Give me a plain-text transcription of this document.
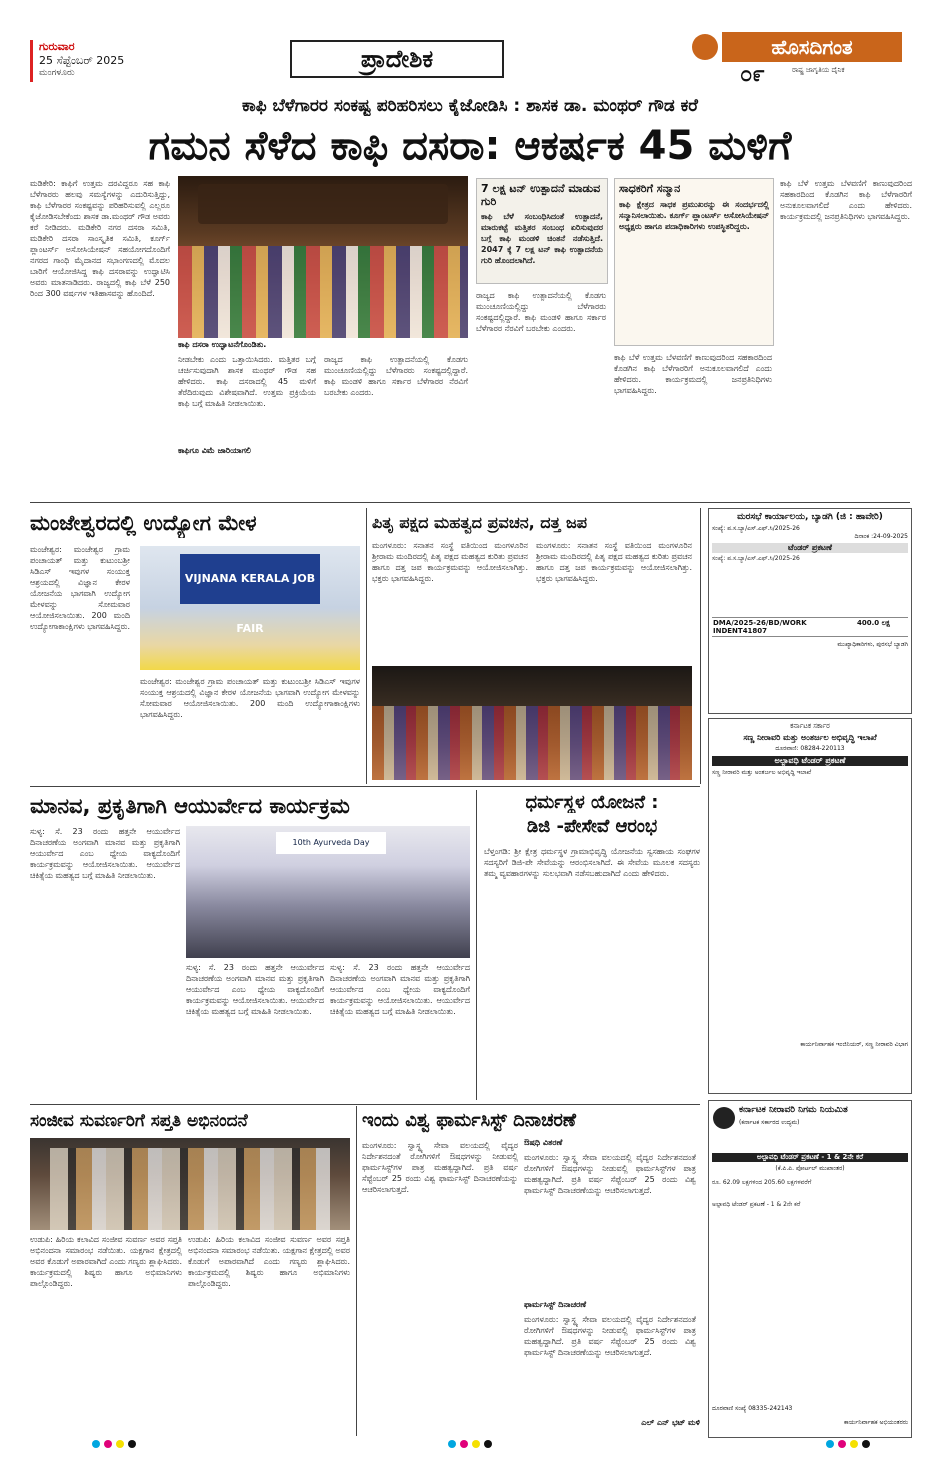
ಗುರುವಾರ
25 ಸೆಪ್ಟೆಂಬರ್ 2025
ಮಂಗಳೂರು	ಪ್ರಾದೇಶಿಕ	ಹೊಸದಿಗಂತ
೦೯	ರಾಷ್ಟ್ರ ಜಾಗೃತಿಯ ದೈನಿಕ
ಕಾಫಿ ಬೆಳೆಗಾರರ ಸಂಕಷ್ಟ ಪರಿಹರಿಸಲು ಕೈಜೋಡಿಸಿ : ಶಾಸಕ ಡಾ. ಮಂಥರ್ ಗೌಡ ಕರೆ
ಗಮನ ಸೆಳೆದ ಕಾಫಿ ದಸರಾ: ಆಕರ್ಷಕ 45 ಮಳಿಗೆ
ಮಡಿಕೇರಿ: ಕಾಫಿಗೆ ಉತ್ತಮ ದರವಿದ್ದರೂ ಸಹ ಕಾಫಿ ಬೆಳೆಗಾರರು ಹಲವು ಸಮಸ್ಯೆಗಳನ್ನು ಎದುರಿಸುತ್ತಿದ್ದು, ಕಾಫಿ ಬೆಳೆಗಾರರ ಸಂಕಷ್ಟವನ್ನು ಪರಿಹರಿಸುವಲ್ಲಿ ಎಲ್ಲರೂ ಕೈಜೋಡಿಸಬೇಕೆಂದು ಶಾಸಕ ಡಾ.ಮಂಥರ್ ಗೌಡ ಅವರು ಕರೆ ನೀಡಿದರು. ಮಡಿಕೇರಿ ನಗರ ದಸರಾ ಸಮಿತಿ, ಮಡಿಕೇರಿ ದಸರಾ ಸಾಂಸ್ಕೃತಿಕ ಸಮಿತಿ, ಕೂರ್ಗ್ ಪ್ಲಾಂಟರ್ಸ್ ಅಸೋಸಿಯೇಷನ್ ಸಹಯೋಗದೊಂದಿಗೆ ನಗರದ ಗಾಂಧಿ ಮೈದಾನದ ಸಭಾಂಗಣದಲ್ಲಿ ಮೊದಲ ಬಾರಿಗೆ ಆಯೋಜಿಸಿದ್ದ ಕಾಫಿ ದಸರಾವನ್ನು ಉದ್ಘಾಟಿಸಿ ಅವರು ಮಾತನಾಡಿದರು. ರಾಜ್ಯದಲ್ಲಿ ಕಾಫಿ ಬೆಳೆ 250 ರಿಂದ 300 ವರ್ಷಗಳ ಇತಿಹಾಸವನ್ನು ಹೊಂದಿದೆ.
ಕಾಫಿ ದಸರಾ ಉದ್ಘಾಟನೆಗೊಂಡಿತು.
ನೀಡಬೇಕು ಎಂದು ಒತ್ತಾಯಿಸಿದರು. ಮತ್ತಿತರ ಬಗ್ಗೆ ಚರ್ಚಿಸುವುದಾಗಿ ಶಾಸಕ ಮಂಥರ್ ಗೌಡ ಸಹ ಹೇಳಿದರು. ಕಾಫಿ ದಸರಾದಲ್ಲಿ 45 ಮಳಿಗೆ ತೆರೆದಿರುವುದು ವಿಶೇಷವಾಗಿದೆ. ಉತ್ತಮ ಪ್ರಕ್ರಿಯೆಯ ಕಾಫಿ ಬಗ್ಗೆ ಮಾಹಿತಿ ನೀಡಲಾಯಿತು.
ಕಾಫಿಗೂ ವಿಮೆ ಜಾರಿಯಾಗಲಿ
ರಾಜ್ಯದ ಕಾಫಿ ಉತ್ಪಾದನೆಯಲ್ಲಿ ಕೊಡಗು ಮುಂಚೂಣಿಯಲ್ಲಿದ್ದು ಬೆಳೆಗಾರರು ಸಂಕಷ್ಟದಲ್ಲಿದ್ದಾರೆ. ಕಾಫಿ ಮಂಡಳಿ ಹಾಗೂ ಸರ್ಕಾರ ಬೆಳೆಗಾರರ ನೆರವಿಗೆ ಬರಬೇಕು ಎಂದರು.
7 ಲಕ್ಷ ಟನ್ ಉತ್ಪಾದನೆ ಮಾಡುವ ಗುರಿ
ಕಾಫಿ ಬೆಳೆ ಸಂಬಂಧಿಸಿದಂತೆ ಉತ್ಪಾದನೆ, ಮಾರುಕಟ್ಟೆ ಮತ್ತಿತರ ಸಂಬಂಧ ಏರಿಸುವುದರ ಬಗ್ಗೆ ಕಾಫಿ ಮಂಡಳಿ ಚಿಂತನೆ ನಡೆಸುತ್ತಿದೆ. 2047 ಕ್ಕೆ 7 ಲಕ್ಷ ಟನ್ ಕಾಫಿ ಉತ್ಪಾದನೆಯ ಗುರಿ ಹೊಂದಲಾಗಿದೆ.
ರಾಜ್ಯದ ಕಾಫಿ ಉತ್ಪಾದನೆಯಲ್ಲಿ ಕೊಡಗು ಮುಂಚೂಣಿಯಲ್ಲಿದ್ದು ಬೆಳೆಗಾರರು ಸಂಕಷ್ಟದಲ್ಲಿದ್ದಾರೆ. ಕಾಫಿ ಮಂಡಳಿ ಹಾಗೂ ಸರ್ಕಾರ ಬೆಳೆಗಾರರ ನೆರವಿಗೆ ಬರಬೇಕು ಎಂದರು.
ಸಾಧಕರಿಗೆ ಸನ್ಮಾನ
ಕಾಫಿ ಕ್ಷೇತ್ರದ ಸಾಧಕ ಪ್ರಮುಖರನ್ನು ಈ ಸಂದರ್ಭದಲ್ಲಿ ಸನ್ಮಾನಿಸಲಾಯಿತು. ಕೂರ್ಗ್ ಪ್ಲಾಂಟರ್ಸ್ ಅಸೋಸಿಯೇಷನ್ ಅಧ್ಯಕ್ಷರು ಹಾಗೂ ಪದಾಧಿಕಾರಿಗಳು ಉಪಸ್ಥಿತರಿದ್ದರು.
ಕಾಫಿ ಬೆಳೆ ಉತ್ತಮ ಬೆಳವಣಿಗೆ ಕಾಣುವುದರಿಂದ ಸಹಕಾರದಿಂದ ಕೊಡಗಿನ ಕಾಫಿ ಬೆಳೆಗಾರರಿಗೆ ಅನುಕೂಲವಾಗಲಿದೆ ಎಂದು ಹೇಳಿದರು. ಕಾರ್ಯಕ್ರಮದಲ್ಲಿ ಜನಪ್ರತಿನಿಧಿಗಳು ಭಾಗವಹಿಸಿದ್ದರು.
ಕಾಫಿ ಬೆಳೆ ಉತ್ತಮ ಬೆಳವಣಿಗೆ ಕಾಣುವುದರಿಂದ ಸಹಕಾರದಿಂದ ಕೊಡಗಿನ ಕಾಫಿ ಬೆಳೆಗಾರರಿಗೆ ಅನುಕೂಲವಾಗಲಿದೆ ಎಂದು ಹೇಳಿದರು. ಕಾರ್ಯಕ್ರಮದಲ್ಲಿ ಜನಪ್ರತಿನಿಧಿಗಳು ಭಾಗವಹಿಸಿದ್ದರು.
ಮಂಜೇಶ್ವರದಲ್ಲಿ ಉದ್ಯೋಗ ಮೇಳ
ಮಂಜೇಶ್ವರ: ಮಂಜೇಶ್ವರ ಗ್ರಾಮ ಪಂಚಾಯತ್ ಮತ್ತು ಕುಟುಂಬಶ್ರೀ ಸಿಡಿಎಸ್ ಇವುಗಳ ಸಂಯುಕ್ತ ಆಶ್ರಯದಲ್ಲಿ ವಿಜ್ಞಾನ ಕೇರಳ ಯೋಜನೆಯ ಭಾಗವಾಗಿ ಉದ್ಯೋಗ ಮೇಳವನ್ನು ಸೋಮವಾರ ಆಯೋಜಿಸಲಾಯಿತು. 200 ಮಂದಿ ಉದ್ಯೋಗಾಕಾಂಕ್ಷಿಗಳು ಭಾಗವಹಿಸಿದ್ದರು.
VIJNANA KERALA JOB FAIR
ಮಂಜೇಶ್ವರ: ಮಂಜೇಶ್ವರ ಗ್ರಾಮ ಪಂಚಾಯತ್ ಮತ್ತು ಕುಟುಂಬಶ್ರೀ ಸಿಡಿಎಸ್ ಇವುಗಳ ಸಂಯುಕ್ತ ಆಶ್ರಯದಲ್ಲಿ ವಿಜ್ಞಾನ ಕೇರಳ ಯೋಜನೆಯ ಭಾಗವಾಗಿ ಉದ್ಯೋಗ ಮೇಳವನ್ನು ಸೋಮವಾರ ಆಯೋಜಿಸಲಾಯಿತು. 200 ಮಂದಿ ಉದ್ಯೋಗಾಕಾಂಕ್ಷಿಗಳು ಭಾಗವಹಿಸಿದ್ದರು.
ಪಿತೃ ಪಕ್ಷದ ಮಹತ್ವದ ಪ್ರವಚನ, ದತ್ತ ಜಪ
ಮಂಗಳೂರು: ಸನಾತನ ಸಂಸ್ಥೆ ವತಿಯಿಂದ ಮಂಗಳೂರಿನ ಶ್ರೀರಾಮ ಮಂದಿರದಲ್ಲಿ ಪಿತೃ ಪಕ್ಷದ ಮಹತ್ವದ ಕುರಿತು ಪ್ರವಚನ ಹಾಗೂ ದತ್ತ ಜಪ ಕಾರ್ಯಕ್ರಮವನ್ನು ಆಯೋಜಿಸಲಾಗಿತ್ತು. ಭಕ್ತರು ಭಾಗವಹಿಸಿದ್ದರು.
ಮಂಗಳೂರು: ಸನಾತನ ಸಂಸ್ಥೆ ವತಿಯಿಂದ ಮಂಗಳೂರಿನ ಶ್ರೀರಾಮ ಮಂದಿರದಲ್ಲಿ ಪಿತೃ ಪಕ್ಷದ ಮಹತ್ವದ ಕುರಿತು ಪ್ರವಚನ ಹಾಗೂ ದತ್ತ ಜಪ ಕಾರ್ಯಕ್ರಮವನ್ನು ಆಯೋಜಿಸಲಾಗಿತ್ತು. ಭಕ್ತರು ಭಾಗವಹಿಸಿದ್ದರು.
ಮರಸಭೆ ಕಾರ್ಯಾಲಯ, ಬ್ಯಾಡಗಿ (ಜಿ : ಹಾವೇರಿ)
ಸಂಖ್ಯೆ: ಪ.ಸ.ಬ್ಯಾ/ಎಸ್.ಎಫ್.ಸಿ/2025-26
ದಿನಾಂಕ :24-09-2025
ಟೆಂಡರ್ ಪ್ರಕಟಣೆ
ಸಂಖ್ಯೆ: ಪ.ಸ.ಬ್ಯಾ/ಎಸ್.ಎಫ್.ಸಿ/2025-26
DMA/2025-26/BD/WORK INDENT41807
400.0 ಲಕ್ಷ
ಮುಖ್ಯಾಧಿಕಾರಿಗಳು, ಪುರಸಭೆ ಬ್ಯಾಡಗಿ
ಕರ್ನಾಟಕ ಸರ್ಕಾರ
ಸಣ್ಣ ನೀರಾವರಿ ಮತ್ತು ಅಂತರ್ಜಲ ಅಭಿವೃದ್ಧಿ ಇಲಾಖೆ
ದೂರವಾಣಿ: 08284-220113
ಅಲ್ಪಾವಧಿ ಟೆಂಡರ್ ಪ್ರಕಟಣೆ
ಸಣ್ಣ ನೀರಾವರಿ ಮತ್ತು ಅಂತರ್ಜಲ ಅಭಿವೃದ್ಧಿ ಇಲಾಖೆ
ಕಾರ್ಯನಿರ್ವಾಹಕ ಇಂಜಿನಿಯರ್, ಸಣ್ಣ ನೀರಾವರಿ ವಿಭಾಗ
ಮಾನವ, ಪ್ರಕೃತಿಗಾಗಿ ಆಯುರ್ವೇದ ಕಾರ್ಯಕ್ರಮ
ಸುಳ್ಯ: ಸೆ. 23 ರಂದು ಹತ್ತನೇ ಆಯುರ್ವೇದ ದಿನಾಚರಣೆಯ ಅಂಗವಾಗಿ ಮಾನವ ಮತ್ತು ಪ್ರಕೃತಿಗಾಗಿ ಆಯುರ್ವೇದ ಎಂಬ ಧ್ಯೇಯ ವಾಕ್ಯದೊಂದಿಗೆ ಕಾರ್ಯಕ್ರಮವನ್ನು ಆಯೋಜಿಸಲಾಯಿತು. ಆಯುರ್ವೇದ ಚಿಕಿತ್ಸೆಯ ಮಹತ್ವದ ಬಗ್ಗೆ ಮಾಹಿತಿ ನೀಡಲಾಯಿತು.
10th Ayurveda Day
ಸುಳ್ಯ: ಸೆ. 23 ರಂದು ಹತ್ತನೇ ಆಯುರ್ವೇದ ದಿನಾಚರಣೆಯ ಅಂಗವಾಗಿ ಮಾನವ ಮತ್ತು ಪ್ರಕೃತಿಗಾಗಿ ಆಯುರ್ವೇದ ಎಂಬ ಧ್ಯೇಯ ವಾಕ್ಯದೊಂದಿಗೆ ಕಾರ್ಯಕ್ರಮವನ್ನು ಆಯೋಜಿಸಲಾಯಿತು. ಆಯುರ್ವೇದ ಚಿಕಿತ್ಸೆಯ ಮಹತ್ವದ ಬಗ್ಗೆ ಮಾಹಿತಿ ನೀಡಲಾಯಿತು.
ಸುಳ್ಯ: ಸೆ. 23 ರಂದು ಹತ್ತನೇ ಆಯುರ್ವೇದ ದಿನಾಚರಣೆಯ ಅಂಗವಾಗಿ ಮಾನವ ಮತ್ತು ಪ್ರಕೃತಿಗಾಗಿ ಆಯುರ್ವೇದ ಎಂಬ ಧ್ಯೇಯ ವಾಕ್ಯದೊಂದಿಗೆ ಕಾರ್ಯಕ್ರಮವನ್ನು ಆಯೋಜಿಸಲಾಯಿತು. ಆಯುರ್ವೇದ ಚಿಕಿತ್ಸೆಯ ಮಹತ್ವದ ಬಗ್ಗೆ ಮಾಹಿತಿ ನೀಡಲಾಯಿತು.
ಧರ್ಮಸ್ಥಳ ಯೋಜನೆ :
ಡಿಜಿ -ಪೇಸೇವೆ ಆರಂಭ
ಬೆಳ್ತಂಗಡಿ: ಶ್ರೀ ಕ್ಷೇತ್ರ ಧರ್ಮಸ್ಥಳ ಗ್ರಾಮಾಭಿವೃದ್ಧಿ ಯೋಜನೆಯ ಸ್ವಸಹಾಯ ಸಂಘಗಳ ಸದಸ್ಯರಿಗೆ ಡಿಜಿ-ಪೇ ಸೇವೆಯನ್ನು ಆರಂಭಿಸಲಾಗಿದೆ. ಈ ಸೇವೆಯ ಮೂಲಕ ಸದಸ್ಯರು ತಮ್ಮ ವ್ಯವಹಾರಗಳನ್ನು ಸುಲಭವಾಗಿ ನಡೆಸಬಹುದಾಗಿದೆ ಎಂದು ಹೇಳಿದರು.
ಸಂಜೀವ ಸುವರ್ಣರಿಗೆ ಸಪ್ತತಿ ಅಭಿನಂದನೆ
ಉಡುಪಿ: ಹಿರಿಯ ಕಲಾವಿದ ಸಂಜೀವ ಸುವರ್ಣ ಅವರ ಸಪ್ತತಿ ಅಭಿನಂದನಾ ಸಮಾರಂಭ ನಡೆಯಿತು. ಯಕ್ಷಗಾನ ಕ್ಷೇತ್ರದಲ್ಲಿ ಅವರ ಕೊಡುಗೆ ಅಪಾರವಾಗಿದೆ ಎಂದು ಗಣ್ಯರು ಶ್ಲಾಘಿಸಿದರು. ಕಾರ್ಯಕ್ರಮದಲ್ಲಿ ಶಿಷ್ಯರು ಹಾಗೂ ಅಭಿಮಾನಿಗಳು ಪಾಲ್ಗೊಂಡಿದ್ದರು.
ಉಡುಪಿ: ಹಿರಿಯ ಕಲಾವಿದ ಸಂಜೀವ ಸುವರ್ಣ ಅವರ ಸಪ್ತತಿ ಅಭಿನಂದನಾ ಸಮಾರಂಭ ನಡೆಯಿತು. ಯಕ್ಷಗಾನ ಕ್ಷೇತ್ರದಲ್ಲಿ ಅವರ ಕೊಡುಗೆ ಅಪಾರವಾಗಿದೆ ಎಂದು ಗಣ್ಯರು ಶ್ಲಾಘಿಸಿದರು. ಕಾರ್ಯಕ್ರಮದಲ್ಲಿ ಶಿಷ್ಯರು ಹಾಗೂ ಅಭಿಮಾನಿಗಳು ಪಾಲ್ಗೊಂಡಿದ್ದರು.
ಇಂದು ವಿಶ್ವ ಫಾರ್ಮಸಿಸ್ಟ್ ದಿನಾಚರಣೆ
ಮಂಗಳೂರು: ಸ್ವಾಸ್ಥ್ಯ ಸೇವಾ ವಲಯದಲ್ಲಿ ವೈದ್ಯರ ನಿರ್ದೇಶನದಂತೆ ರೋಗಿಗಳಿಗೆ ಔಷಧಗಳನ್ನು ನೀಡುವಲ್ಲಿ ಫಾರ್ಮಸಿಸ್ಟ್‌ಗಳ ಪಾತ್ರ ಮಹತ್ವದ್ದಾಗಿದೆ. ಪ್ರತಿ ವರ್ಷ ಸೆಪ್ಟೆಂಬರ್ 25 ರಂದು ವಿಶ್ವ ಫಾರ್ಮಸಿಸ್ಟ್ ದಿನಾಚರಣೆಯನ್ನು ಆಚರಿಸಲಾಗುತ್ತದೆ.
ಔಷಧಿ ವಿತರಣೆ
ಮಂಗಳೂರು: ಸ್ವಾಸ್ಥ್ಯ ಸೇವಾ ವಲಯದಲ್ಲಿ ವೈದ್ಯರ ನಿರ್ದೇಶನದಂತೆ ರೋಗಿಗಳಿಗೆ ಔಷಧಗಳನ್ನು ನೀಡುವಲ್ಲಿ ಫಾರ್ಮಸಿಸ್ಟ್‌ಗಳ ಪಾತ್ರ ಮಹತ್ವದ್ದಾಗಿದೆ. ಪ್ರತಿ ವರ್ಷ ಸೆಪ್ಟೆಂಬರ್ 25 ರಂದು ವಿಶ್ವ ಫಾರ್ಮಸಿಸ್ಟ್ ದಿನಾಚರಣೆಯನ್ನು ಆಚರಿಸಲಾಗುತ್ತದೆ.
ಫಾರ್ಮಸಿಸ್ಟ್ ದಿನಾಚರಣೆ
ಮಂಗಳೂರು: ಸ್ವಾಸ್ಥ್ಯ ಸೇವಾ ವಲಯದಲ್ಲಿ ವೈದ್ಯರ ನಿರ್ದೇಶನದಂತೆ ರೋಗಿಗಳಿಗೆ ಔಷಧಗಳನ್ನು ನೀಡುವಲ್ಲಿ ಫಾರ್ಮಸಿಸ್ಟ್‌ಗಳ ಪಾತ್ರ ಮಹತ್ವದ್ದಾಗಿದೆ. ಪ್ರತಿ ವರ್ಷ ಸೆಪ್ಟೆಂಬರ್ 25 ರಂದು ವಿಶ್ವ ಫಾರ್ಮಸಿಸ್ಟ್ ದಿನಾಚರಣೆಯನ್ನು ಆಚರಿಸಲಾಗುತ್ತದೆ.
ಎಲ್ ಎನ್ ಭಟ್ ಮಳಿ
ಕರ್ನಾಟಕ ನೀರಾವರಿ ನಿಗಮ ನಿಯಮಿತ
(ಕರ್ನಾಟಕ ಸರ್ಕಾರದ ಉದ್ಯಮ)
ಅಲ್ಪಾವಧಿ ಟೆಂಡರ್ ಪ್ರಕಟಣೆ - 1 & 2ನೇ ಕರೆ
(ಕೆ.ಪಿ.ಪಿ. ಪೋರ್ಟಲ್ ಮುಖಾಂತರ)
ರೂ. 62.09 ಲಕ್ಷಗಳಿಂದ 205.60 ಲಕ್ಷಗಳವರೆಗೆ
ಅಲ್ಪಾವಧಿ ಟೆಂಡರ್ ಪ್ರಕಟಣೆ - 1 & 2ನೇ ಕರೆ
ದೂರವಾಣಿ ಸಂಖ್ಯೆ 08335-242143
ಕಾರ್ಯನಿರ್ವಾಹಕ ಅಭಿಯಂತರರು
